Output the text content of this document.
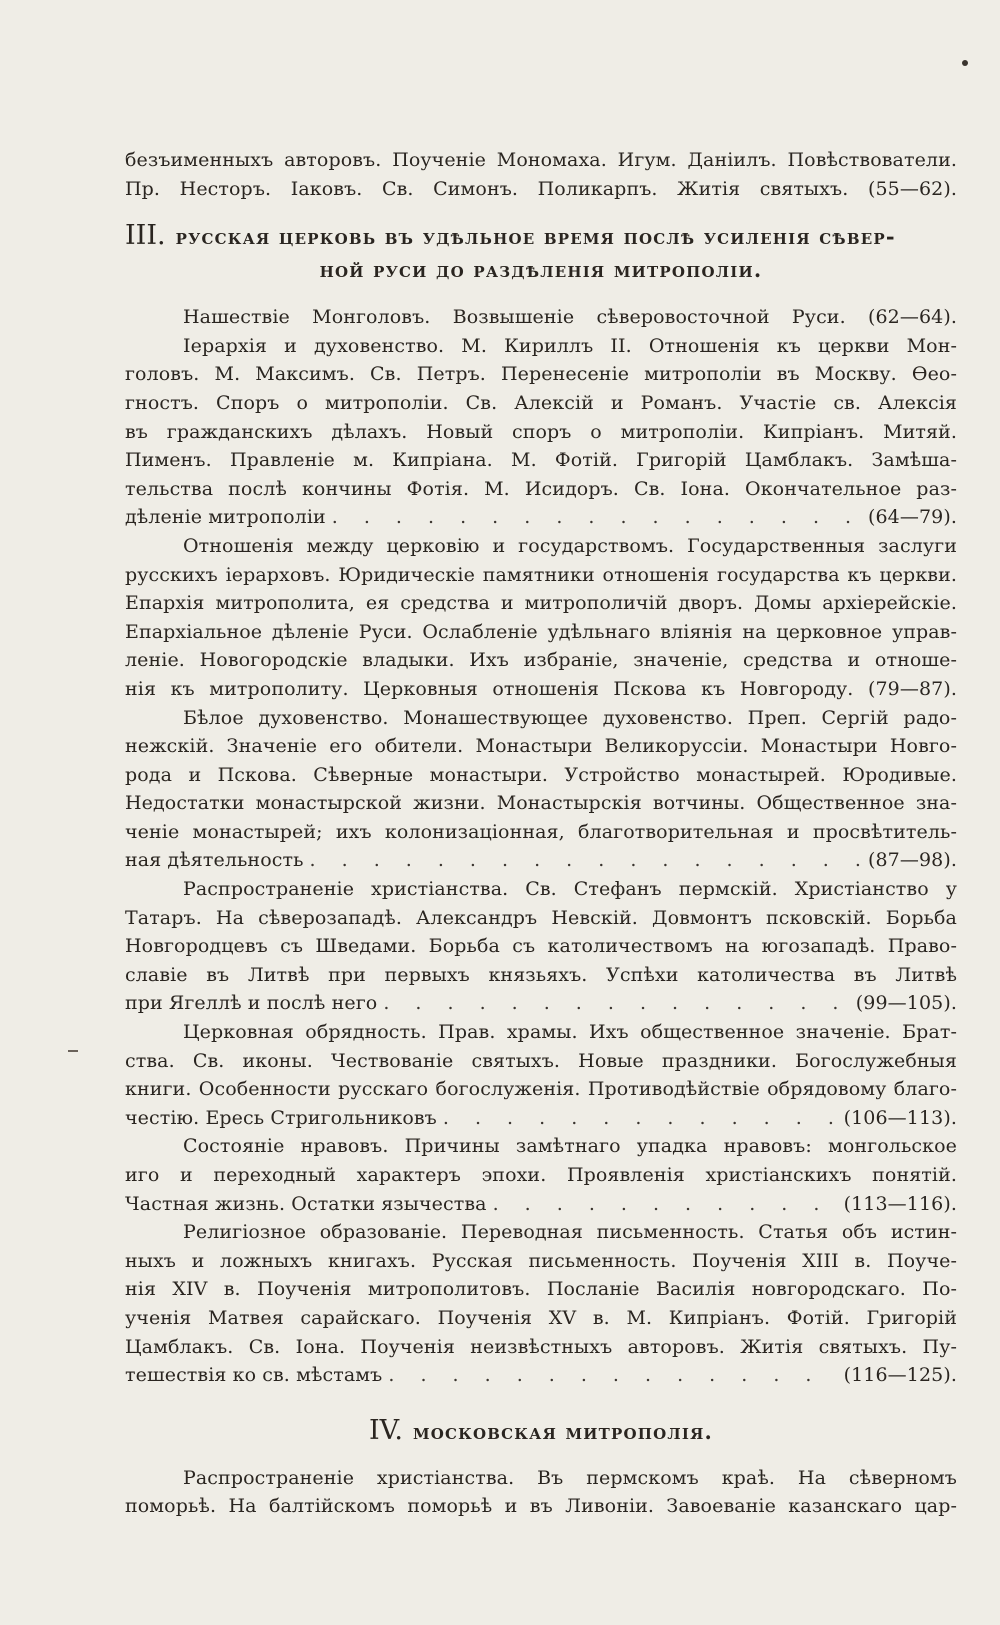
безъименныхъ авторовъ. Поученіе Мономаха. Игум. Даніилъ. Повѣствователи.
Пр. Несторъ. Іаковъ. Св. Симонъ. Поликарпъ. Житія святыхъ. (55—62).
III. русская церковь въ удѣльное время послѣ усиленія сѣвер-
ной руси до раздѣленія митрополіи.
Нашествіе Монголовъ. Возвышеніе сѣверовосточной Руси. (62—64).
Іерархія и духовенство. М. Кириллъ II. Отношенія къ церкви Мон-
головъ. М. Максимъ. Св. Петръ. Перенесеніе митрополіи въ Москву. Өео-
гностъ. Споръ о митрополіи. Св. Алексій и Романъ. Участіе св. Алексія
въ гражданскихъ дѣлахъ. Новый споръ о митрополіи. Кипріанъ. Митяй.
Пименъ. Правленіе м. Кипріана. М. Фотій. Григорій Цамблакъ. Замѣша-
тельства послѣ кончины Фотія. М. Исидоръ. Св. Іона. Окончательное раз-
дѣленіе митрополіи . . .	(64—79).
Отношенія между церковію и государствомъ. Государственныя заслуги
русскихъ іерарховъ. Юридическіе памятники отношенія государства къ церкви.
Епархія митрополита, ея средства и митрополичій дворъ. Домы архіерейскіе.
Епархіальное дѣленіе Руси. Ослабленіе удѣльнаго вліянія на церковное управ-
леніе. Новогородскіе владыки. Ихъ избраніе, значеніе, средства и отноше-
нія къ митрополиту. Церковныя отношенія Пскова къ Новгороду. (79—87).
Бѣлое духовенство. Монашествующее духовенство. Преп. Сергій радо-
нежскій. Значеніе его обители. Монастыри Великоруссіи. Монастыри Новго-
рода и Пскова. Сѣверные монастыри. Устройство монастырей. Юродивые.
Недостатки монастырской жизни. Монастырскія вотчины. Общественное зна-
ченіе монастырей; ихъ колонизаціонная, благотворительная и просвѣтитель-
ная дѣятельность . . .	(87—98).
Распространеніе христіанства. Св. Стефанъ пермскій. Христіанство у
Татаръ. На сѣверозападѣ. Александръ Невскій. Довмонтъ псковскій. Борьба
Новгородцевъ съ Шведами. Борьба съ католичествомъ на югозападѣ. Право-
славіе въ Литвѣ при первыхъ князьяхъ. Успѣхи католичества въ Литвѣ
при Ягеллѣ и послѣ него . . .	(99—105).
Церковная обрядность. Прав. храмы. Ихъ общественное значеніе. Брат-
ства. Св. иконы. Чествованіе святыхъ. Новые праздники. Богослужебныя
книги. Особенности русскаго богослуженія. Противодѣйствіе обрядовому благо-
честію. Ересь Стригольниковъ . . .	(106—113).
Состояніе нравовъ. Причины замѣтнаго упадка нравовъ: монгольское
иго и переходный характеръ эпохи. Проявленія христіанскихъ понятій.
Частная жизнь. Остатки язычества . . .	(113—116).
Религіозное образованіе. Переводная письменность. Статья объ истин-
ныхъ и ложныхъ книгахъ. Русская письменность. Поученія XIII в. Поуче-
нія XIV в. Поученія митрополитовъ. Посланіе Василія новгородскаго. По-
ученія Матвея сарайскаго. Поученія XV в. М. Кипріанъ. Фотій. Григорій
Цамблакъ. Св. Іона. Поученія неизвѣстныхъ авторовъ. Житія святыхъ. Пу-
тешествія ко св. мѣстамъ . . .	(116—125).
IV. московская митрополія.
Распространеніе христіанства. Въ пермскомъ краѣ. На сѣверномъ
поморьѣ. На балтійскомъ поморьѣ и въ Ливоніи. Завоеваніе казанскаго цар-
